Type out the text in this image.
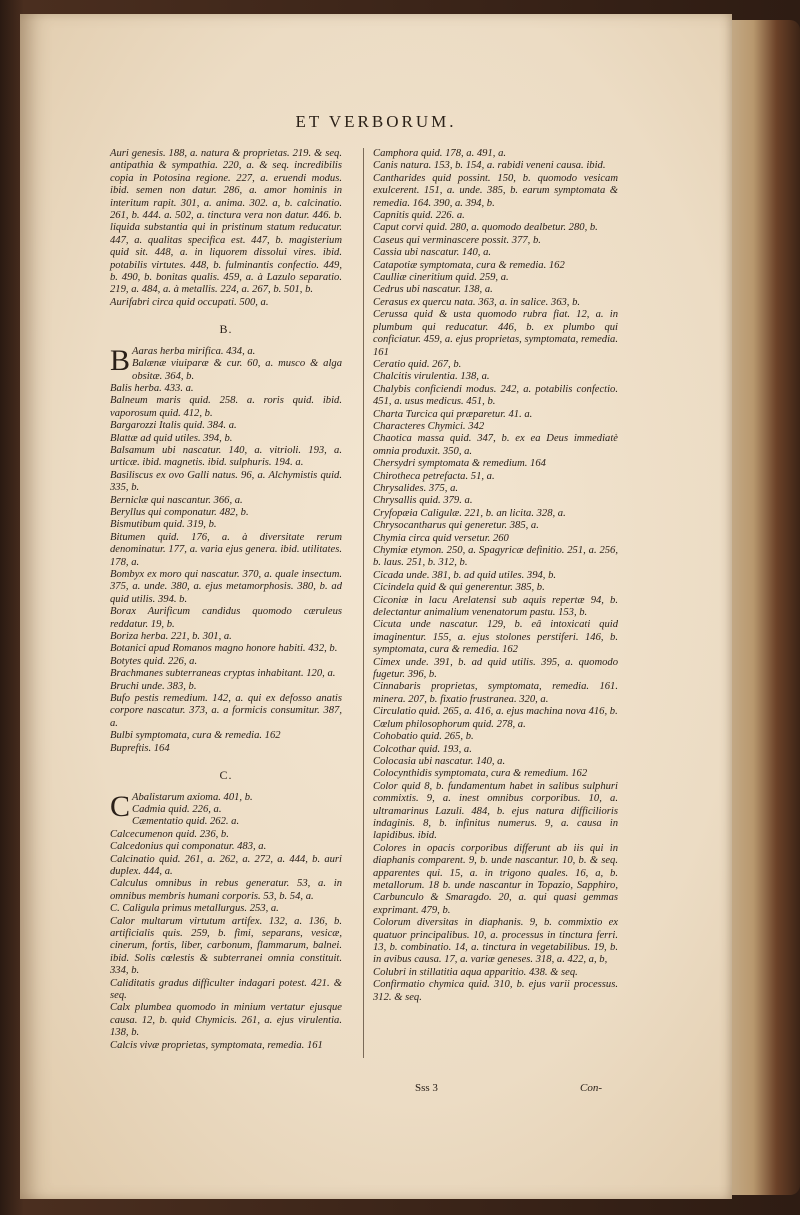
ET VERBORUM.

Auri genesis. 188, a. natura & proprietas. 219. & seq. antipathia & sympathia. 220, a. & seq. incredibilis copia in Potosina regione. 227, a. eruendi modus. ibid. semen non datur. 286, a. amor hominis in interitum rapit. 301, a. anima. 302. a, b. calcinatio. 261, b. 444. a. 502, a. tinctura vera non datur. 446. b. liquida substantia qui in pristinum statum reducatur. 447, a. qualitas specifica est. 447, b. magisterium quid sit. 448, a. in liquorem dissolui vires. ibid. potabilis virtutes. 448, b. fulminantis confectio. 449, b. 490, b. bonitas qualis. 459, a. à Lazulo separatio. 219, a. 484, a. à metallis. 224, a. 267, b. 501, b.

Aurifabri circa quid occupati. 500, a.

B.

B Aaras herba mirifica. 434, a.

Balænæ viuiparæ & cur. 60, a. musco & alga obsitæ. 364, b.

Balis herba. 433. a.

Balneum maris quid. 258. a. roris quid. ibid. vaporosum quid. 412, b.

Bargarozzi Italis quid. 384. a.

Blattæ ad quid utiles. 394, b.

Balsamum ubi nascatur. 140, a. vitrioli. 193, a. urticæ. ibid. magnetis. ibid. sulphuris. 194. a.

Basiliscus ex ovo Galli natus. 96, a. Alchymistis quid. 335, b.

Berniclæ qui nascantur. 366, a.

Beryllus qui componatur. 482, b.

Bismutibum quid. 319, b.

Bitumen quid. 176, a. à diversitate rerum denominatur. 177, a. varia ejus genera. ibid. utilitates. 178, a.

Bombyx ex moro qui nascatur. 370, a. quale insectum. 375, a. unde. 380, a. ejus metamorphosis. 380, b. ad quid utilis. 394. b.

Borax Aurificum candidus quomodo cæruleus reddatur. 19, b.

Boriza herba. 221, b. 301, a.

Botanici apud Romanos magno honore habiti. 432, b.

Botytes quid. 226, a.

Brachmanes subterraneas cryptas inhabitant. 120, a.

Bruchi unde. 383, b.

Bufo pestis remedium. 142, a. qui ex defosso anatis corpore nascatur. 373, a. a formicis consumitur. 387, a.

Bulbi symptomata, cura & remedia. 162

Bupreftis. 164

C.

C Abalistarum axioma. 401, b.

Cadmia quid. 226, a.

Cæmentatio quid. 262. a.

Calcecumenon quid. 236, b.

Calcedonius qui componatur. 483, a.

Calcinatio quid. 261, a. 262, a. 272, a. 444, b. auri duplex. 444, a.

Calculus omnibus in rebus generatur. 53, a. in omnibus membris humani corporis. 53, b. 54, a.

C. Caligula primus metallurgus. 253, a.

Calor multarum virtutum artifex. 132, a. 136, b. artificialis quis. 259, b. fimi, separans, vesicæ, cinerum, fortis, liber, carbonum, flammarum, balnei. ibid. Solis cœlestis & subterranei omnia constituit. 334, b.

Caliditatis gradus difficulter indagari potest. 421. & seq.

Calx plumbea quomodo in minium vertatur ejusque causa. 12, b. quid Chymicis. 261, a. ejus virulentia. 138, b.

Calcis vivæ proprietas, symptomata, remedia. 161

Camphora quid. 178, a. 491, a.

Canis natura. 153, b. 154, a. rabidi veneni causa. ibid.

Cantharides quid possint. 150, b. quomodo vesicam exulcerent. 151, a. unde. 385, b. earum symptomata & remedia. 164. 390, a. 394, b.

Capnitis quid. 226. a.

Caput corvi quid. 280, a. quomodo dealbetur. 280, b.

Caseus qui verminascere possit. 377, b.

Cassia ubi nascatur. 140, a.

Catapotiæ symptomata, cura & remedia. 162

Caulliæ cineritium quid. 259, a.

Cedrus ubi nascatur. 138, a.

Cerasus ex quercu nata. 363, a. in salice. 363, b.

Cerussa quid & usta quomodo rubra fiat. 12, a. in plumbum qui reducatur. 446, b. ex plumbo qui conficiatur. 459, a. ejus proprietas, symptomata, remedia. 161

Ceratio quid. 267, b.

Chalcitis virulentia. 138, a.

Chalybis conficiendi modus. 242, a. potabilis confectio. 451, a. usus medicus. 451, b.

Charta Turcica qui præparetur. 41. a.

Characteres Chymici. 342

Chaotica massa quid. 347, b. ex ea Deus immediatè omnia produxit. 350, a.

Chersydri symptomata & remedium. 164

Chirotheca petrefacta. 51, a.

Chrysalides. 375, a.

Chrysallis quid. 379. a.

Cryfopæia Caligulæ. 221, b. an licita. 328, a.

Chrysocantharus qui generetur. 385, a.

Chymia circa quid versetur. 260

Chymiæ etymon. 250, a. Spagyricæ definitio. 251, a. 256, b. laus. 251, b. 312, b.

Cicada unde. 381, b. ad quid utiles. 394, b.

Cicindela quid & qui generentur. 385, b.

Ciconiæ in lacu Arelatensi sub aquis repertæ 94, b. delectantur animalium venenatorum pastu. 153, b.

Cicuta unde nascatur. 129, b. eâ intoxicati quid imaginentur. 155, a. ejus stolones perstiferi. 146, b. symptomata, cura & remedia. 162

Cimex unde. 391, b. ad quid utilis. 395, a. quomodo fugetur. 396, b.

Cinnabaris proprietas, symptomata, remedia. 161. minera. 207, b. fixatio frustranea. 320, a.

Circulatio quid. 265, a. 416, a. ejus machina nova 416, b.

Cœlum philosophorum quid. 278, a.

Cohobatio quid. 265, b.

Colcothar quid. 193, a.

Colocasia ubi nascatur. 140, a.

Colocynthidis symptomata, cura & remedium. 162

Color quid 8, b. fundamentum habet in salibus sulphuri commixtis. 9, a. inest omnibus corporibus. 10, a. ultramarinus Lazuli. 484, b. ejus natura difficilioris indaginis. 8, b. infinitus numerus. 9, a. causa in lapidibus. ibid.

Colores in opacis corporibus differunt ab iis qui in diaphanis comparent. 9, b. unde nascantur. 10, b. & seq. apparentes qui. 15, a. in trigono quales. 16, a, b. metallorum. 18 b. unde nascantur in Topazio, Sapphiro, Carbunculo & Smaragdo. 20, a. qui quasi gemmas exprimant. 479, b.

Colorum diversitas in diaphanis. 9, b. commixtio ex quatuor principalibus. 10, a. processus in tinctura ferri. 13, b. combinatio. 14, a. tinctura in vegetabilibus. 19, b. in avibus causa. 17, a. variæ geneses. 318, a. 422, a, b,

Colubri in stillatitia aqua apparitio. 438. & seq.

Confirmatio chymica quid. 310, b. ejus varii processus. 312. & seq.

Sss 3	Con-
